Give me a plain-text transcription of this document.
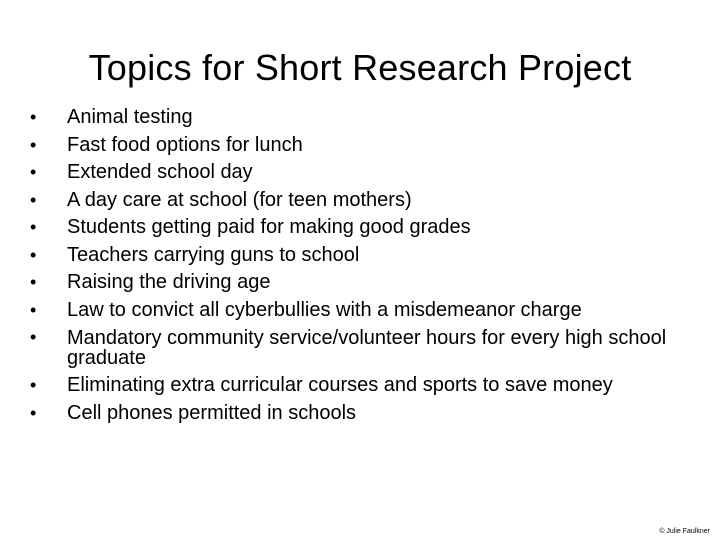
Topics for Short Research Project
•	Animal testing
•	Fast food options for lunch
•	Extended school day
•	A day care at school (for teen mothers)
•	Students getting paid for making good grades
•	Teachers carrying guns to school
•	Raising the driving age
•	Law to convict all cyberbullies with a misdemeanor charge
•	Mandatory community service/volunteer hours for every high school graduate
•	Eliminating extra curricular courses and sports to save money
•	Cell phones permitted in schools
© Julie Faulkner
